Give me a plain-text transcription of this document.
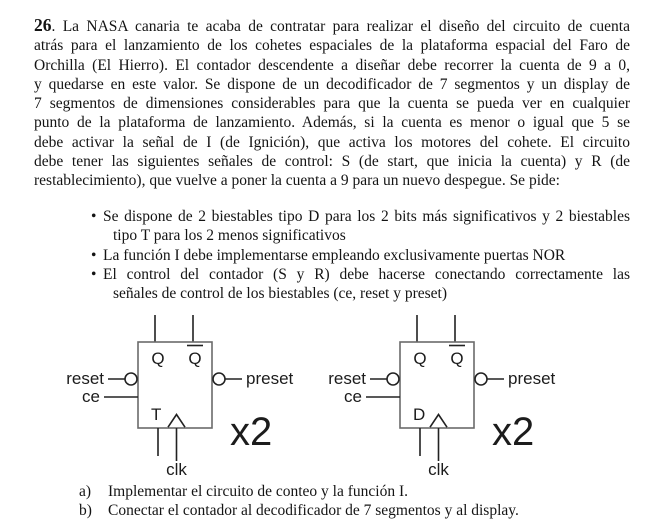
26. La NASA canaria te acaba de contratar para realizar el diseño del circuito de cuenta
atrás para el lanzamiento de los cohetes espaciales de la plataforma espacial del Faro de
Orchilla (El Hierro). El contador descendente a diseñar debe recorrer la cuenta de 9 a 0,
y quedarse en este valor. Se dispone de un decodificador de 7 segmentos y un display de
7 segmentos de dimensiones considerables para que la cuenta se pueda ver en cualquier
punto de la plataforma de lanzamiento. Además, si la cuenta es menor o igual que 5 se
debe activar la señal de I (de Ignición), que activa los motores del cohete. El circuito
debe tener las siguientes señales de control: S (de start, que inicia la cuenta) y R (de
restablecimiento), que vuelve a poner la cuenta a 9 para un nuevo despegue. Se pide:
• Se dispone de 2 biestables tipo D para los 2 bits más significativos y 2 biestables
tipo T para los 2 menos significativos
• La función I debe implementarse empleando exclusivamente puertas NOR
• El control del contador (S y R) debe hacerse conectando correctamente las
señales de control de los biestables (ce, reset y preset)
Q Q
reset
ce
preset
T
clk
x2
Q Q
reset
ce
preset
D
clk
x2
a)	Implementar el circuito de conteo y la función I.
b)	Conectar el contador al decodificador de 7 segmentos y al display.
